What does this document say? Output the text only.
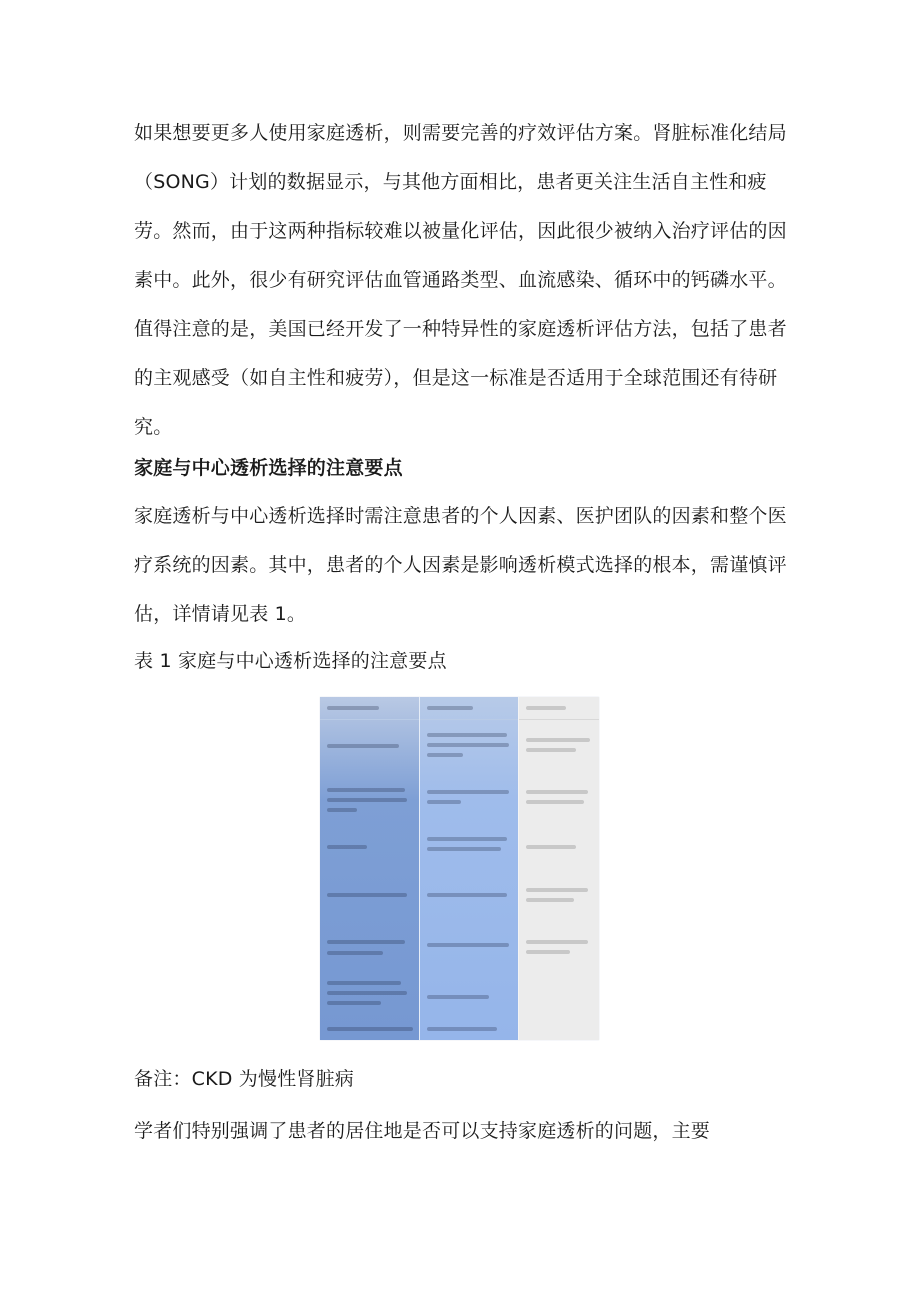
如果想要更多人使用家庭透析，则需要完善的疗效评估方案。肾脏标准化结局（SONG）计划的数据显示，与其他方面相比，患者更关注生活自主性和疲劳。然而，由于这两种指标较难以被量化评估，因此很少被纳入治疗评估的因素中。此外，很少有研究评估血管通路类型、血流感染、循环中的钙磷水平。值得注意的是，美国已经开发了一种特异性的家庭透析评估方法，包括了患者的主观感受（如自主性和疲劳），但是这一标准是否适用于全球范围还有待研究。

家庭与中心透析选择的注意要点

家庭透析与中心透析选择时需注意患者的个人因素、医护团队的因素和整个医疗系统的因素。其中，患者的个人因素是影响透析模式选择的根本，需谨慎评估，详情请见表 1。

表 1 家庭与中心透析选择的注意要点

备注：CKD 为慢性肾脏病

学者们特别强调了患者的居住地是否可以支持家庭透析的问题，主要
